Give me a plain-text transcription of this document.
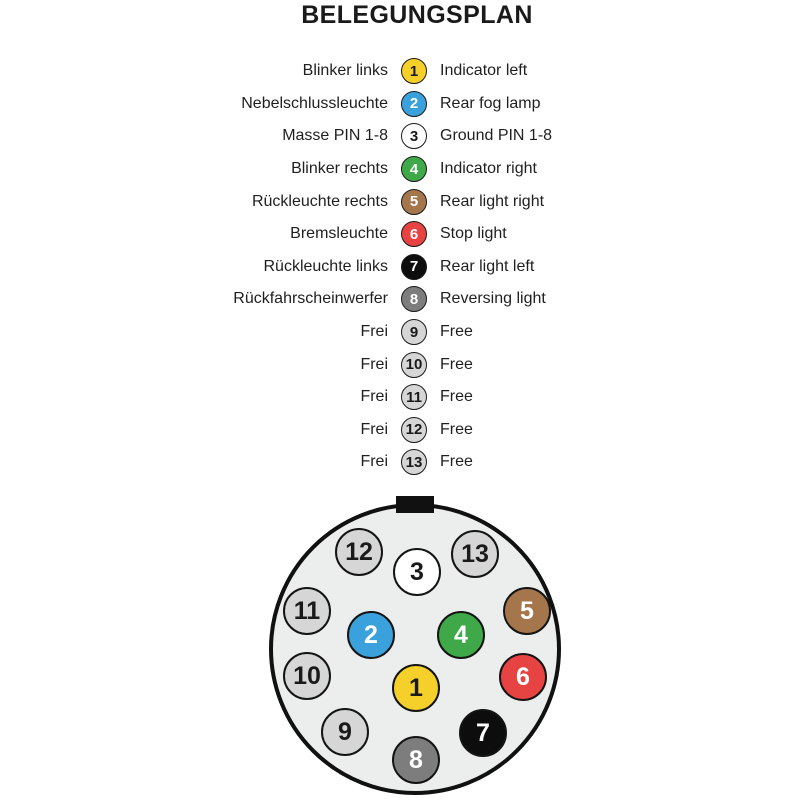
BELEGUNGSPLAN
Blinker links	1	Indicator left
Nebelschlussleuchte	2	Rear fog lamp
Masse PIN 1-8	3	Ground PIN 1-8
Blinker rechts	4	Indicator right
Rückleuchte rechts	5	Rear light right
Bremsleuchte	6	Stop light
Rückleuchte links	7	Rear light left
Rückfahrscheinwerfer	8	Reversing light
Frei	9	Free
Frei	10 Free
Frei	11	Free
Frei	12 Free
Frei	13 Free
1
2
3
4
5
6
7
8
9
10
11
12	13
